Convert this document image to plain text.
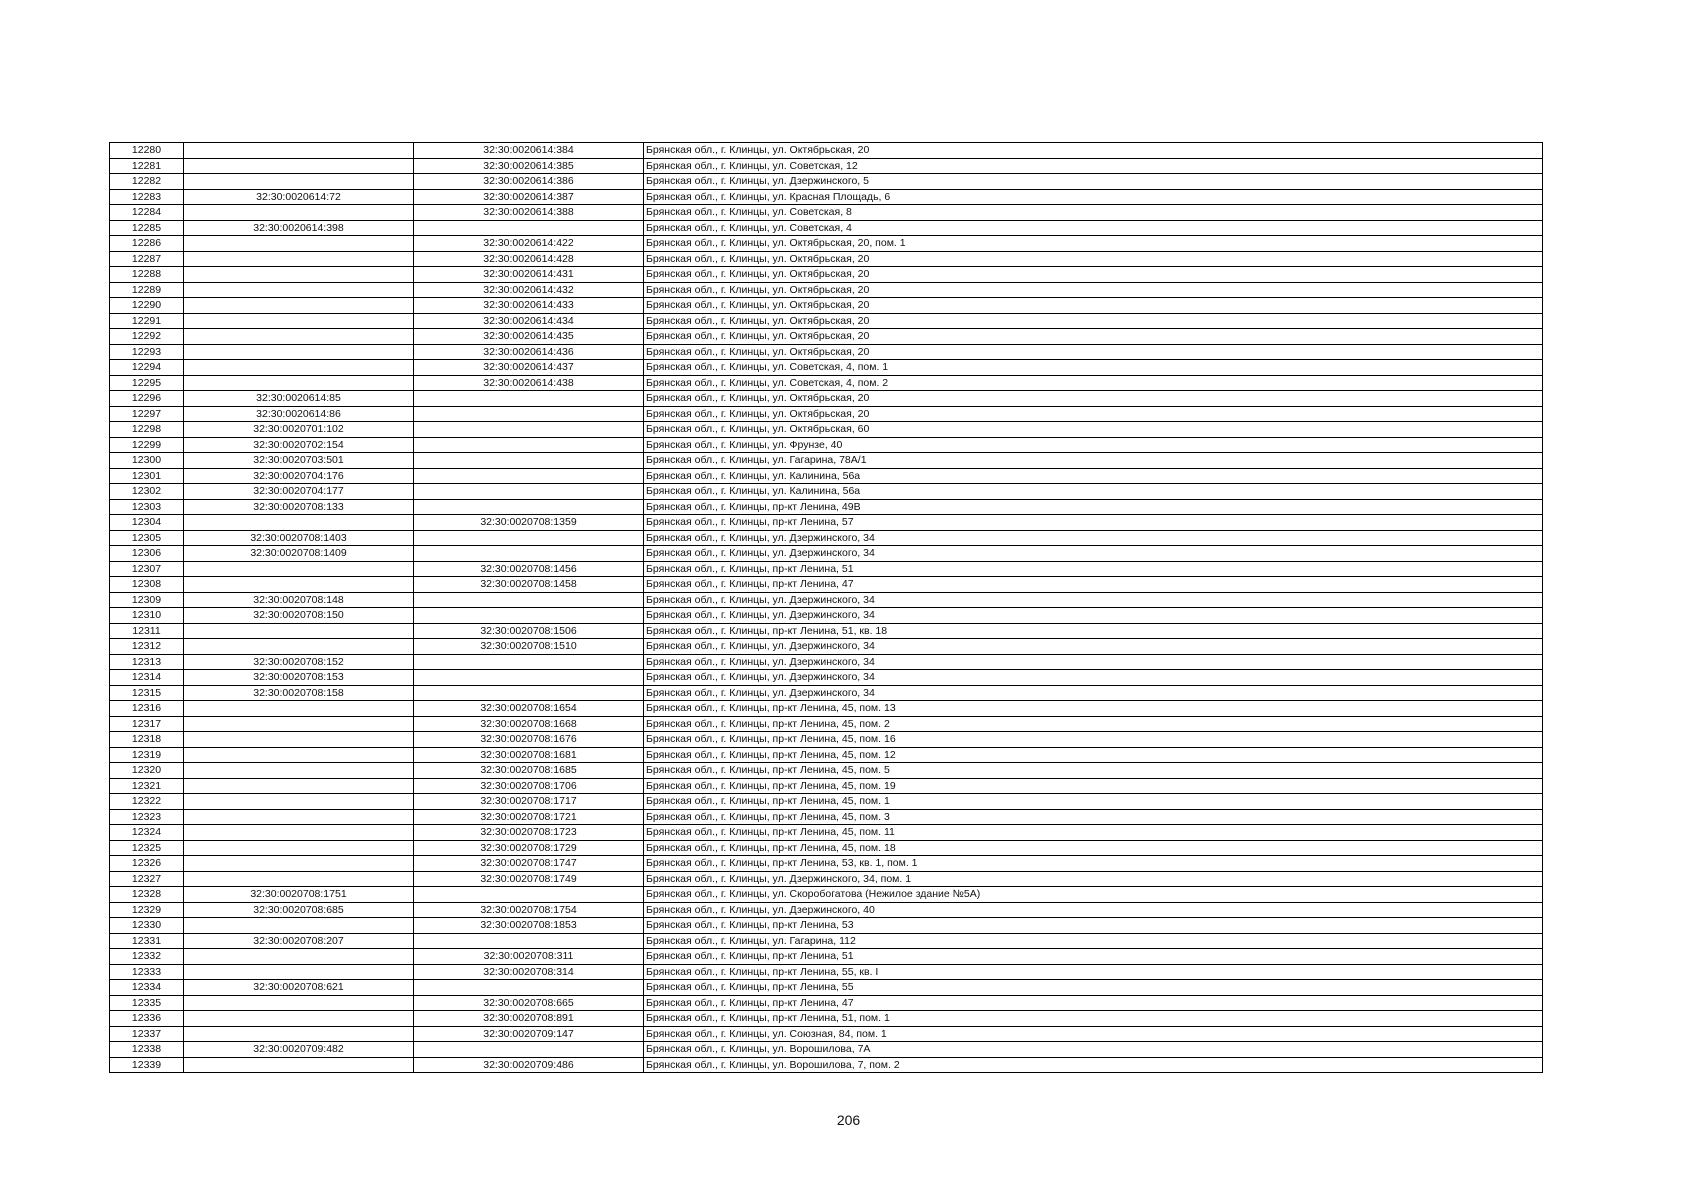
12280		32:30:0020614:384	Брянская обл., г. Клинцы, ул. Октябрьская, 20
12281		32:30:0020614:385	Брянская обл., г. Клинцы, ул. Советская, 12
12282		32:30:0020614:386	Брянская обл., г. Клинцы, ул. Дзержинского, 5
12283	32:30:0020614:72	32:30:0020614:387	Брянская обл., г. Клинцы, ул. Красная Площадь, 6
12284		32:30:0020614:388	Брянская обл., г. Клинцы, ул. Советская, 8
12285	32:30:0020614:398		Брянская обл., г. Клинцы, ул. Советская, 4
12286		32:30:0020614:422	Брянская обл., г. Клинцы, ул. Октябрьская, 20, пом. 1
12287		32:30:0020614:428	Брянская обл., г. Клинцы, ул. Октябрьская, 20
12288		32:30:0020614:431	Брянская обл., г. Клинцы, ул. Октябрьская, 20
12289		32:30:0020614:432	Брянская обл., г. Клинцы, ул. Октябрьская, 20
12290		32:30:0020614:433	Брянская обл., г. Клинцы, ул. Октябрьская, 20
12291		32:30:0020614:434	Брянская обл., г. Клинцы, ул. Октябрьская, 20
12292		32:30:0020614:435	Брянская обл., г. Клинцы, ул. Октябрьская, 20
12293		32:30:0020614:436	Брянская обл., г. Клинцы, ул. Октябрьская, 20
12294		32:30:0020614:437	Брянская обл., г. Клинцы, ул. Советская, 4, пом. 1
12295		32:30:0020614:438	Брянская обл., г. Клинцы, ул. Советская, 4, пом. 2
12296	32:30:0020614:85		Брянская обл., г. Клинцы, ул. Октябрьская, 20
12297	32:30:0020614:86		Брянская обл., г. Клинцы, ул. Октябрьская, 20
12298	32:30:0020701:102		Брянская обл., г. Клинцы, ул. Октябрьская, 60
12299	32:30:0020702:154		Брянская обл., г. Клинцы, ул. Фрунзе, 40
12300	32:30:0020703:501		Брянская обл., г. Клинцы, ул. Гагарина, 78А/1
12301	32:30:0020704:176		Брянская обл., г. Клинцы, ул. Калинина, 56а
12302	32:30:0020704:177		Брянская обл., г. Клинцы, ул. Калинина, 56а
12303	32:30:0020708:133		Брянская обл., г. Клинцы, пр-кт Ленина, 49В
12304		32:30:0020708:1359	Брянская обл., г. Клинцы, пр-кт Ленина, 57
12305	32:30:0020708:1403		Брянская обл., г. Клинцы, ул. Дзержинского, 34
12306	32:30:0020708:1409		Брянская обл., г. Клинцы, ул. Дзержинского, 34
12307		32:30:0020708:1456	Брянская обл., г. Клинцы, пр-кт Ленина, 51
12308		32:30:0020708:1458	Брянская обл., г. Клинцы, пр-кт Ленина, 47
12309	32:30:0020708:148		Брянская обл., г. Клинцы, ул. Дзержинского, 34
12310	32:30:0020708:150		Брянская обл., г. Клинцы, ул. Дзержинского, 34
12311		32:30:0020708:1506	Брянская обл., г. Клинцы, пр-кт Ленина, 51, кв. 18
12312		32:30:0020708:1510	Брянская обл., г. Клинцы, ул. Дзержинского, 34
12313	32:30:0020708:152		Брянская обл., г. Клинцы, ул. Дзержинского, 34
12314	32:30:0020708:153		Брянская обл., г. Клинцы, ул. Дзержинского, 34
12315	32:30:0020708:158		Брянская обл., г. Клинцы, ул. Дзержинского, 34
12316		32:30:0020708:1654	Брянская обл., г. Клинцы, пр-кт Ленина, 45, пом. 13
12317		32:30:0020708:1668	Брянская обл., г. Клинцы, пр-кт Ленина, 45, пом. 2
12318		32:30:0020708:1676	Брянская обл., г. Клинцы, пр-кт Ленина, 45, пом. 16
12319		32:30:0020708:1681	Брянская обл., г. Клинцы, пр-кт Ленина, 45, пом. 12
12320		32:30:0020708:1685	Брянская обл., г. Клинцы, пр-кт Ленина, 45, пом. 5
12321		32:30:0020708:1706	Брянская обл., г. Клинцы, пр-кт Ленина, 45, пом. 19
12322		32:30:0020708:1717	Брянская обл., г. Клинцы, пр-кт Ленина, 45, пом. 1
12323		32:30:0020708:1721	Брянская обл., г. Клинцы, пр-кт Ленина, 45, пом. 3
12324		32:30:0020708:1723	Брянская обл., г. Клинцы, пр-кт Ленина, 45, пом. 11
12325		32:30:0020708:1729	Брянская обл., г. Клинцы, пр-кт Ленина, 45, пом. 18
12326		32:30:0020708:1747	Брянская обл., г. Клинцы, пр-кт Ленина, 53, кв. 1, пом. 1
12327		32:30:0020708:1749	Брянская обл., г. Клинцы, ул. Дзержинского, 34, пом. 1
12328	32:30:0020708:1751		Брянская обл., г. Клинцы, ул. Скоробогатова (Нежилое здание №5А)
12329	32:30:0020708:685	32:30:0020708:1754	Брянская обл., г. Клинцы, ул. Дзержинского, 40
12330		32:30:0020708:1853	Брянская обл., г. Клинцы, пр-кт Ленина, 53
12331	32:30:0020708:207		Брянская обл., г. Клинцы, ул. Гагарина, 112
12332		32:30:0020708:311	Брянская обл., г. Клинцы, пр-кт Ленина, 51
12333		32:30:0020708:314	Брянская обл., г. Клинцы, пр-кт Ленина, 55, кв. I
12334	32:30:0020708:621		Брянская обл., г. Клинцы, пр-кт Ленина, 55
12335		32:30:0020708:665	Брянская обл., г. Клинцы, пр-кт Ленина, 47
12336		32:30:0020708:891	Брянская обл., г. Клинцы, пр-кт Ленина, 51, пом. 1
12337		32:30:0020709:147	Брянская обл., г. Клинцы, ул. Союзная, 84, пом. 1
12338	32:30:0020709:482		Брянская обл., г. Клинцы, ул. Ворошилова, 7А
12339		32:30:0020709:486	Брянская обл., г. Клинцы, ул. Ворошилова, 7, пом. 2
206
